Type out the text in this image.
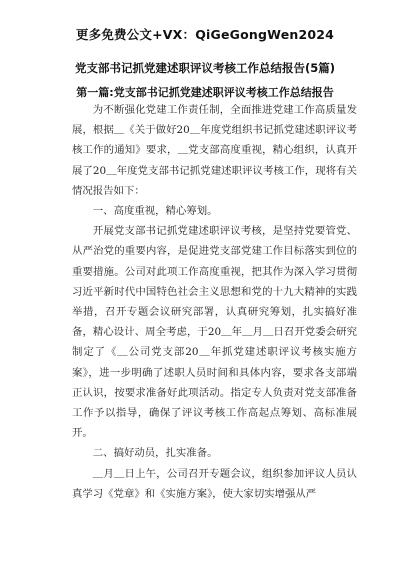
更多免费公文+VX：QiGeGongWen2024
党支部书记抓党建述职评议考核工作总结报告(5篇)
第一篇:党支部书记抓党建述职评议考核工作总结报告

为不断强化党建工作责任制，全面推进党建工作高质量发展，根据＿《关于做好20＿年度党组织书记抓党建述职评议考核工作的通知》要求，＿党支部高度重视，精心组织，认真开展了20＿年度党支部书记抓党建述职评议考核工作，现将有关情况报告如下：

一、高度重视，精心筹划。

开展党支部书记抓党建述职评议考核，是坚持党要管党、从严治党的重要内容，是促进党支部党建工作目标落实到位的重要措施。公司对此项工作高度重视，把其作为深入学习贯彻习近平新时代中国特色社会主义思想和党的十九大精神的实践举措，召开专题会议研究部署，认真研究筹划，扎实搞好准备，精心设计、周全考虑，于20＿年＿月＿日召开党委会研究制定了《＿公司党支部20＿年抓党建述职评议考核实施方案》，进一步明确了述职人员时间和具体内容，要求各支部端正认识，按要求准备好此项活动。指定专人负责对党支部准备工作予以指导，确保了评议考核工作高起点筹划、高标准展开。

二、搞好动员，扎实准备。

＿月＿日上午，公司召开专题会议，组织参加评议人员认真学习《党章》和《实施方案》，使大家切实增强从严
